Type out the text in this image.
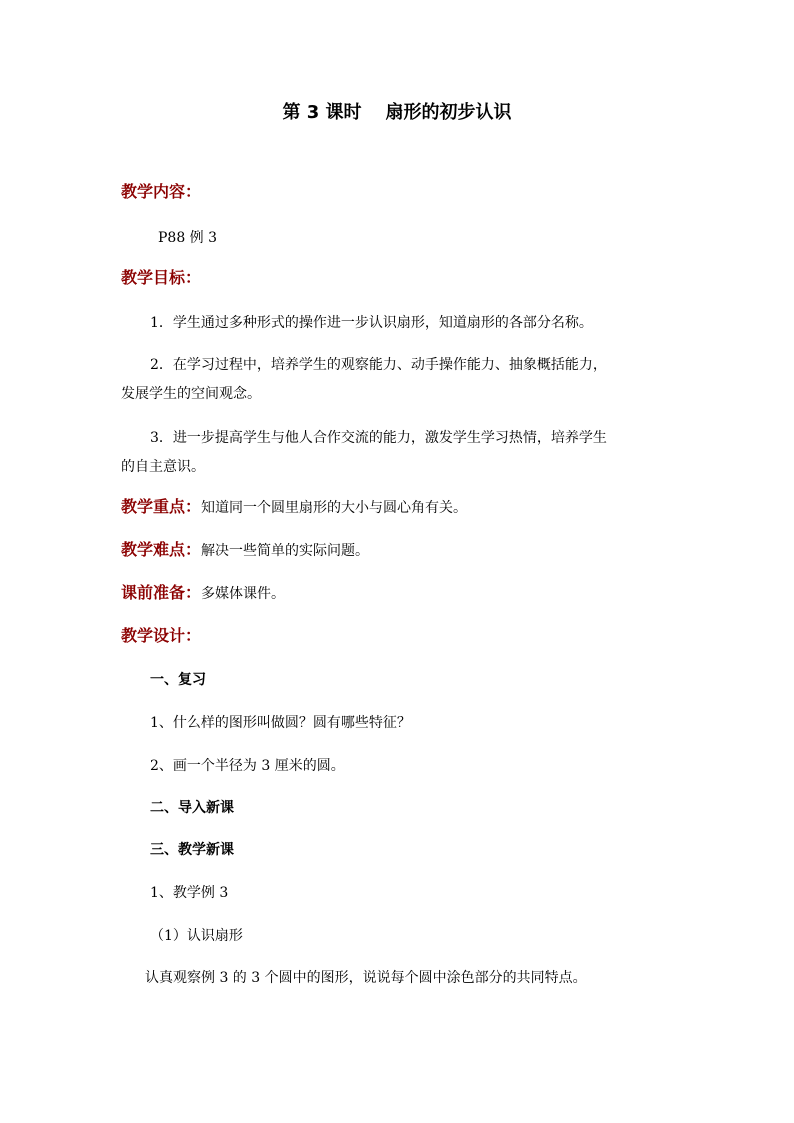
第 3 课时 扇形的初步认识
教学内容：
P88 例 3
教学目标：
1．学生通过多种形式的操作进一步认识扇形，知道扇形的各部分名称。
2．在学习过程中，培养学生的观察能力、动手操作能力、抽象概括能力，
发展学生的空间观念。
3．进一步提高学生与他人合作交流的能力，激发学生学习热情，培养学生
的自主意识。
教学重点：知道同一个圆里扇形的大小与圆心角有关。
教学难点：解决一些简单的实际问题。
课前准备：多媒体课件。
教学设计：
一、复习
1、什么样的图形叫做圆？圆有哪些特征？
2、画一个半径为 3 厘米的圆。
二、导入新课
三、教学新课
1、教学例 3
（1）认识扇形
认真观察例 3 的 3 个圆中的图形，说说每个圆中涂色部分的共同特点。
